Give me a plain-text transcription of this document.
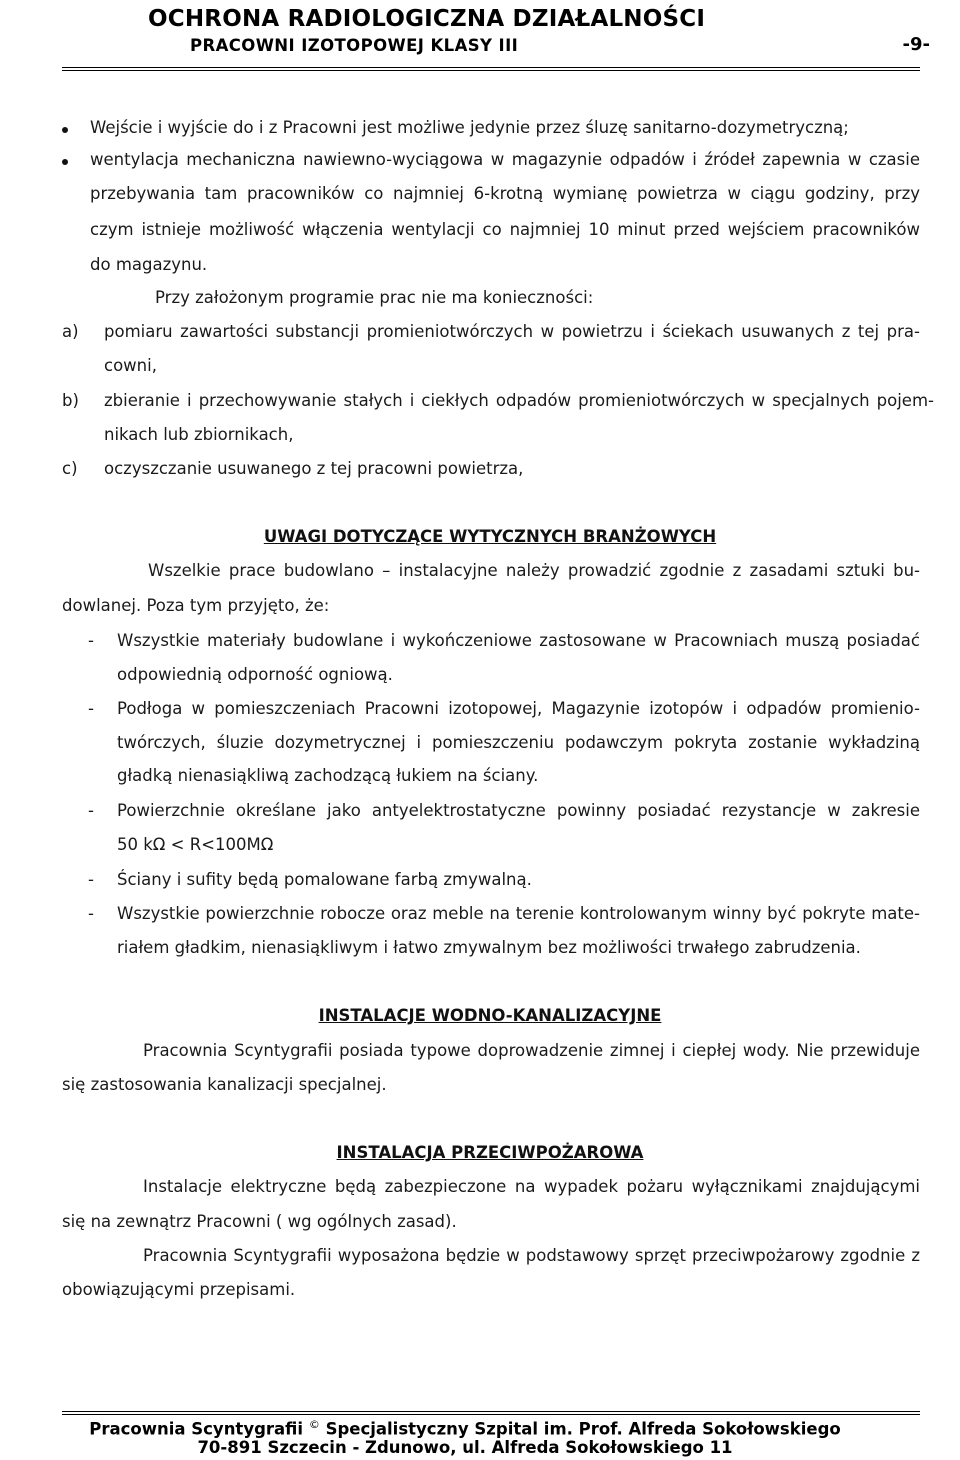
OCHRONA RADIOLOGICZNA DZIAŁALNOŚCI
PRACOWNI IZOTOPOWEJ KLASY III	-9-
Wejście i wyjście do i z Pracowni jest możliwe jedynie przez śluzę sanitarno-dozymetryczną;
wentylacja mechaniczna nawiewno-wyciągowa w magazynie odpadów i źródeł zapewnia w czasie
przebywania tam pracowników co najmniej 6-krotną wymianę powietrza w ciągu godziny, przy
czym istnieje możliwość włączenia wentylacji co najmniej 10 minut przed wejściem pracowników
do magazynu.
Przy założonym programie prac nie ma konieczności:
a) pomiaru zawartości substancji promieniotwórczych w powietrzu i ściekach usuwanych z tej pra-
cowni,
b) zbieranie i przechowywanie stałych i ciekłych odpadów promieniotwórczych w specjalnych pojem-
nikach lub zbiornikach,
c) oczyszczanie usuwanego z tej pracowni powietrza,
UWAGI DOTYCZĄCE WYTYCZNYCH BRANŻOWYCH
Wszelkie prace budowlano – instalacyjne należy prowadzić zgodnie z zasadami sztuki bu-
dowlanej. Poza tym przyjęto, że:
- Wszystkie materiały budowlane i wykończeniowe zastosowane w Pracowniach muszą posiadać
odpowiednią odporność ogniową.
- Podłoga w pomieszczeniach Pracowni izotopowej, Magazynie izotopów i odpadów promienio-
twórczych, śluzie dozymetrycznej i pomieszczeniu podawczym pokryta zostanie wykładziną
gładką nienasiąkliwą zachodzącą łukiem na ściany.
- Powierzchnie określane jako antyelektrostatyczne powinny posiadać rezystancje w zakresie
50 kΩ < R<100MΩ
- Ściany i sufity będą pomalowane farbą zmywalną.
- Wszystkie powierzchnie robocze oraz meble na terenie kontrolowanym winny być pokryte mate-
riałem gładkim, nienasiąkliwym i łatwo zmywalnym bez możliwości trwałego zabrudzenia.
INSTALACJE WODNO-KANALIZACYJNE
Pracownia Scyntygrafii posiada typowe doprowadzenie zimnej i ciepłej wody. Nie przewiduje
się zastosowania kanalizacji specjalnej.
INSTALACJA PRZECIWPOŻAROWA
Instalacje elektryczne będą zabezpieczone na wypadek pożaru wyłącznikami znajdującymi
się na zewnątrz Pracowni ( wg ogólnych zasad).
Pracownia Scyntygrafii wyposażona będzie w podstawowy sprzęt przeciwpożarowy zgodnie z
obowiązującymi przepisami.
Pracownia Scyntygrafii © Specjalistyczny Szpital im. Prof. Alfreda Sokołowskiego
70-891 Szczecin - Zdunowo, ul. Alfreda Sokołowskiego 11
